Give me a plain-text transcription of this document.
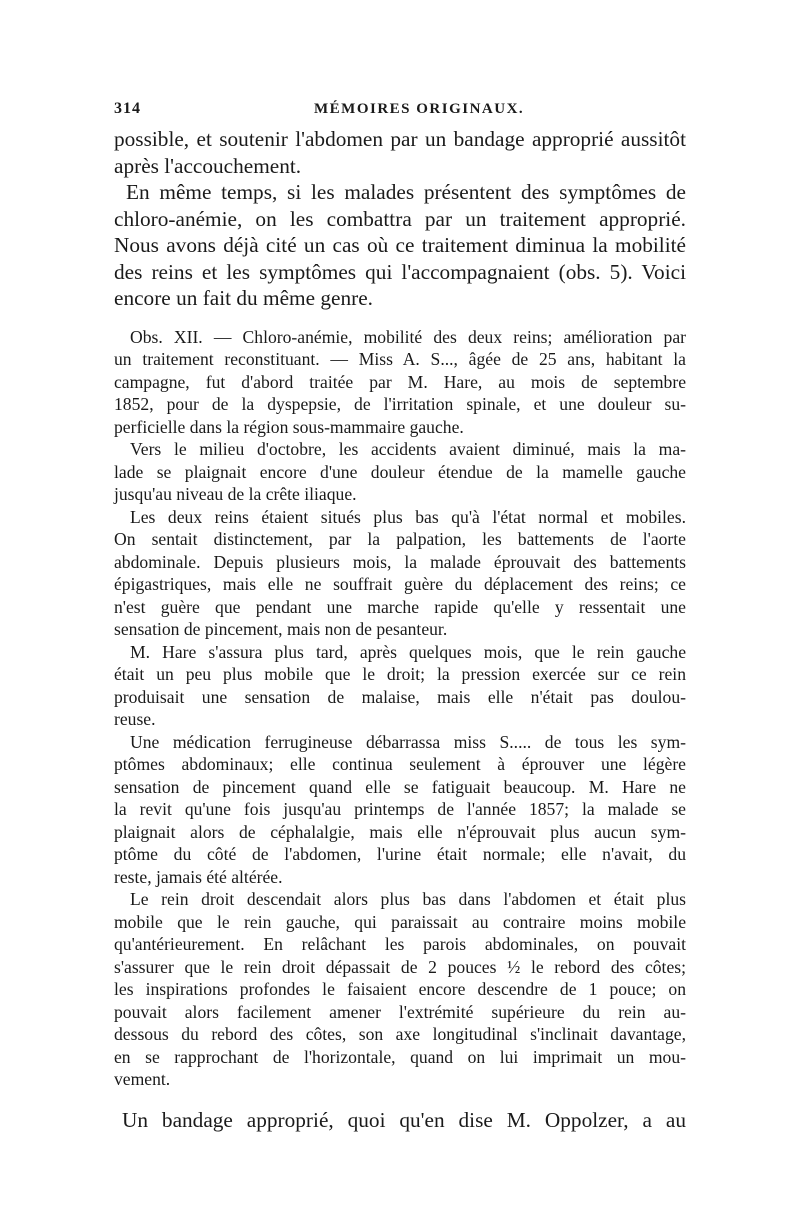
314	MÉMOIRES ORIGINAUX.
possible, et soutenir l'abdomen par un bandage approprié aussitôt
après l'accouchement.
En même temps, si les malades présentent des symptômes de
chloro-anémie, on les combattra par un traitement approprié.
Nous avons déjà cité un cas où ce traitement diminua la mobilité
des reins et les symptômes qui l'accompagnaient (obs. 5). Voici
encore un fait du même genre.
Obs. XII. — Chloro-anémie, mobilité des deux reins; amélioration par
un traitement reconstituant. — Miss A. S..., âgée de 25 ans, habitant la
campagne, fut d'abord traitée par M. Hare, au mois de septembre
1852, pour de la dyspepsie, de l'irritation spinale, et une douleur su-
perficielle dans la région sous-mammaire gauche.
Vers le milieu d'octobre, les accidents avaient diminué, mais la ma-
lade se plaignait encore d'une douleur étendue de la mamelle gauche
jusqu'au niveau de la crête iliaque.
Les deux reins étaient situés plus bas qu'à l'état normal et mobiles.
On sentait distinctement, par la palpation, les battements de l'aorte
abdominale. Depuis plusieurs mois, la malade éprouvait des battements
épigastriques, mais elle ne souffrait guère du déplacement des reins; ce
n'est guère que pendant une marche rapide qu'elle y ressentait une
sensation de pincement, mais non de pesanteur.
M. Hare s'assura plus tard, après quelques mois, que le rein gauche
était un peu plus mobile que le droit; la pression exercée sur ce rein
produisait une sensation de malaise, mais elle n'était pas doulou-
reuse.
Une médication ferrugineuse débarrassa miss S..... de tous les sym-
ptômes abdominaux; elle continua seulement à éprouver une légère
sensation de pincement quand elle se fatiguait beaucoup. M. Hare ne
la revit qu'une fois jusqu'au printemps de l'année 1857; la malade se
plaignait alors de céphalalgie, mais elle n'éprouvait plus aucun sym-
ptôme du côté de l'abdomen, l'urine était normale; elle n'avait, du
reste, jamais été altérée.
Le rein droit descendait alors plus bas dans l'abdomen et était plus
mobile que le rein gauche, qui paraissait au contraire moins mobile
qu'antérieurement. En relâchant les parois abdominales, on pouvait
s'assurer que le rein droit dépassait de 2 pouces ½ le rebord des côtes;
les inspirations profondes le faisaient encore descendre de 1 pouce; on
pouvait alors facilement amener l'extrémité supérieure du rein au-
dessous du rebord des côtes, son axe longitudinal s'inclinait davantage,
en se rapprochant de l'horizontale, quand on lui imprimait un mou-
vement.
Un bandage approprié, quoi qu'en dise M. Oppolzer, a au
